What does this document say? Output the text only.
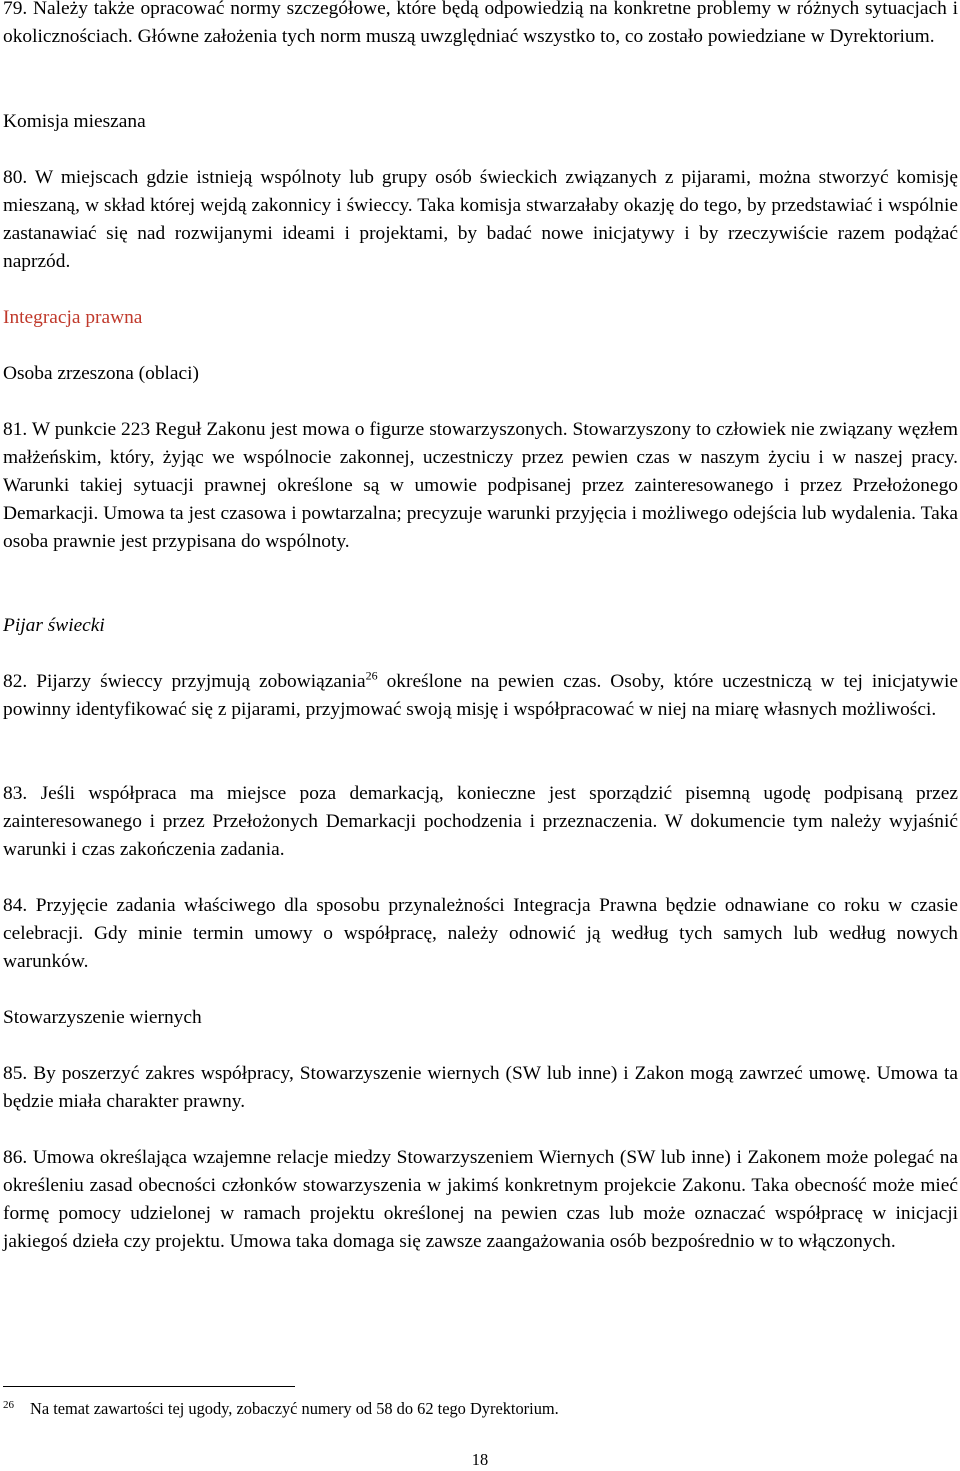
79. Należy także opracować normy szczegółowe, które będą odpowiedzią na konkretne problemy w różnych sytuacjach i okolicznościach. Główne założenia tych norm muszą uwzględniać wszystko to, co zostało powiedziane w Dyrektorium.

Komisja mieszana

80. W miejscach gdzie istnieją wspólnoty lub grupy osób świeckich związanych z pijarami, można stworzyć komisję mieszaną, w skład której wejdą zakonnicy i świeccy. Taka komisja stwarzałaby okazję do tego, by przedstawiać i wspólnie zastanawiać się nad rozwijanymi ideami i projektami, by badać nowe inicjatywy i by rzeczywiście razem podążać naprzód.

Integracja prawna

Osoba zrzeszona (oblaci)

81. W punkcie 223 Reguł Zakonu jest mowa o figurze stowarzyszonych. Stowarzyszony to człowiek nie związany węzłem małżeńskim, który, żyjąc we wspólnocie zakonnej, uczestniczy przez pewien czas w naszym życiu i w naszej pracy. Warunki takiej sytuacji prawnej określone są w umowie podpisanej przez zainteresowanego i przez Przełożonego Demarkacji. Umowa ta jest czasowa i powtarzalna; precyzuje warunki przyjęcia i możliwego odejścia lub wydalenia. Taka osoba prawnie jest przypisana do wspólnoty.

Pijar świecki

82. Pijarzy świeccy przyjmują zobowiązania$^{26}$ określone na pewien czas. Osoby, które uczestniczą w tej inicjatywie powinny identyfikować się z pijarami, przyjmować swoją misję i współpracować w niej na miarę własnych możliwości.

83. Jeśli współpraca ma miejsce poza demarkacją, konieczne jest sporządzić pisemną ugodę podpisaną przez zainteresowanego i przez Przełożonych Demarkacji pochodzenia i przeznaczenia. W dokumencie tym należy wyjaśnić warunki i czas zakończenia zadania.

84. Przyjęcie zadania właściwego dla sposobu przynależności Integracja Prawna będzie odnawiane co roku w czasie celebracji. Gdy minie termin umowy o współpracę, należy odnowić ją według tych samych lub według nowych warunków.

Stowarzyszenie wiernych

85. By poszerzyć zakres współpracy, Stowarzyszenie wiernych (SW lub inne) i Zakon mogą zawrzeć umowę. Umowa ta będzie miała charakter prawny.

86. Umowa określająca wzajemne relacje miedzy Stowarzyszeniem Wiernych (SW lub inne) i Zakonem może polegać na określeniu zasad obecności członków stowarzyszenia w jakimś konkretnym projekcie Zakonu. Taka obecność może mieć formę pomocy udzielonej w ramach projektu określonej na pewien czas lub może oznaczać współpracę w inicjacji jakiegoś dzieła czy projektu. Umowa taka domaga się zawsze zaangażowania osób bezpośrednio w to włączonych.

$^{26}$ Na temat zawartości tej ugody, zobaczyć numery od 58 do 62 tego Dyrektorium.
18
